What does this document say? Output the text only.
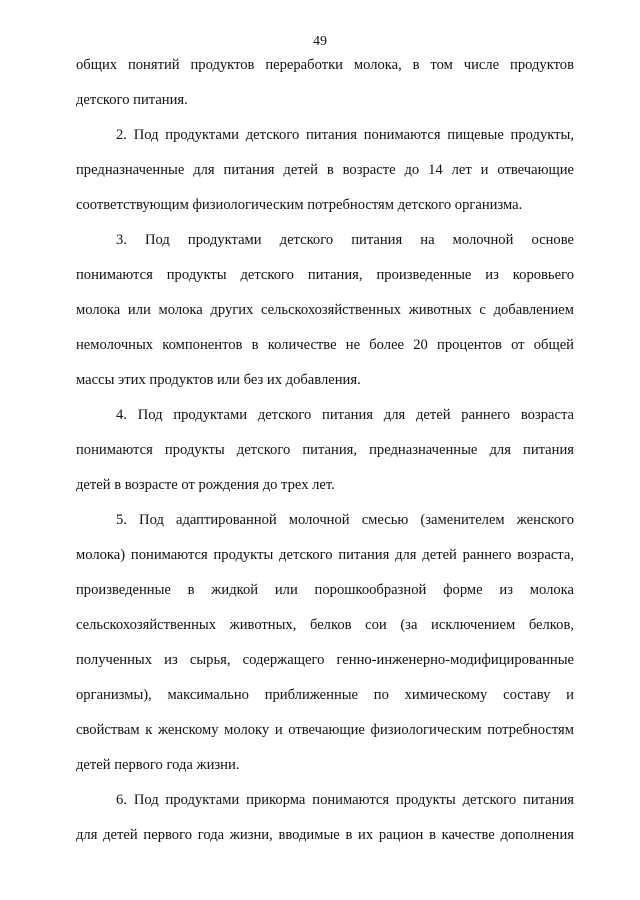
49
общих понятий продуктов переработки молока, в том числе продуктов
детского питания.
2. Под продуктами детского питания понимаются пищевые продукты,
предназначенные для питания детей в возрасте до 14 лет и отвечающие
соответствующим физиологическим потребностям детского организма.
3. Под продуктами детского питания на молочной основе
понимаются продукты детского питания, произведенные из коровьего
молока или молока других сельскохозяйственных животных с добавлением
немолочных компонентов в количестве не более 20 процентов от общей
массы этих продуктов или без их добавления.
4. Под продуктами детского питания для детей раннего возраста
понимаются продукты детского питания, предназначенные для питания
детей в возрасте от рождения до трех лет.
5. Под адаптированной молочной смесью (заменителем женского
молока) понимаются продукты детского питания для детей раннего возраста,
произведенные в жидкой или порошкообразной форме из молока
сельскохозяйственных животных, белков сои (за исключением белков,
полученных из сырья, содержащего генно-инженерно-модифицированные
организмы), максимально приближенные по химическому составу и
свойствам к женскому молоку и отвечающие физиологическим потребностям
детей первого года жизни.
6. Под продуктами прикорма понимаются продукты детского питания
для детей первого года жизни, вводимые в их рацион в качестве дополнения
